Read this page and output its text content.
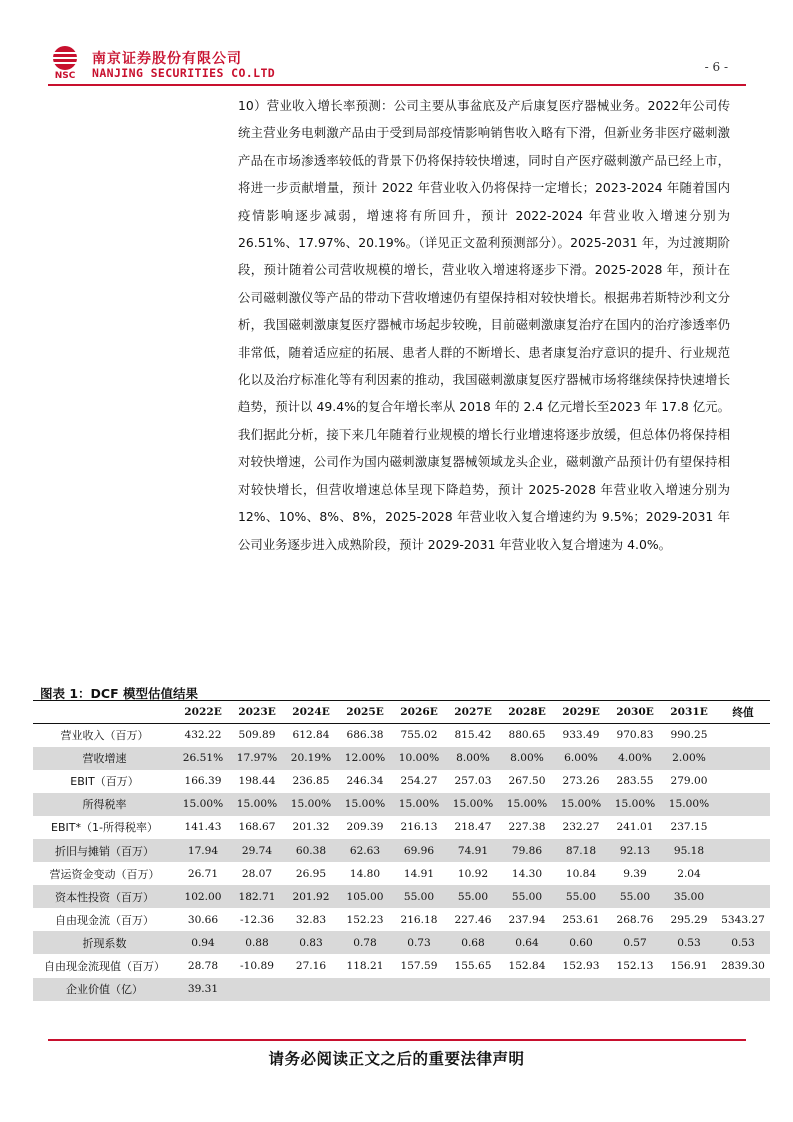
NSC
南京证券股份有限公司
NANJING SECURITIES CO.LTD	- 6 -
10）营业收入增长率预测：公司主要从事盆底及产后康复医疗器械业务。2022年公司传统主营业务电刺激产品由于受到局部疫情影响销售收入略有下滑，但新业务非医疗磁刺激产品在市场渗透率较低的背景下仍将保持较快增速，同时自产医疗磁刺激产品已经上市，将进一步贡献增量，预计 2022 年营业收入仍将保持一定增长；2023-2024 年随着国内疫情影响逐步减弱，增速将有所回升，预计 2022-2024 年营业收入增速分别为 26.51%、17.97%、20.19%。（详见正文盈利预测部分）。2025-2031 年，为过渡期阶段，预计随着公司营收规模的增长，营业收入增速将逐步下滑。2025-2028 年，预计在公司磁刺激仪等产品的带动下营收增速仍有望保持相对较快增长。根据弗若斯特沙利文分析，我国磁刺激康复医疗器械市场起步较晚，目前磁刺激康复治疗在国内的治疗渗透率仍非常低，随着适应症的拓展、患者人群的不断增长、患者康复治疗意识的提升、行业规范化以及治疗标准化等有利因素的推动，我国磁刺激康复医疗器械市场将继续保持快速增长趋势，预计以 49.4%的复合年增长率从 2018 年的 2.4 亿元增长至2023 年 17.8 亿元。我们据此分析，接下来几年随着行业规模的增长行业增速将逐步放缓，但总体仍将保持相对较快增速，公司作为国内磁刺激康复器械领域龙头企业，磁刺激产品预计仍有望保持相对较快增长，但营收增速总体呈现下降趋势，预计 2025-2028 年营业收入增速分别为 12%、10%、8%、8%，2025-2028 年营业收入复合增速约为 9.5%；2029-2031 年公司业务逐步进入成熟阶段，预计 2029-2031 年营业收入复合增速为 4.0%。
图表 1：DCF 模型估值结果
	2022E	2023E	2024E	2025E	2026E	2027E	2028E	2029E	2030E	2031E	终值
营业收入（百万）	432.22	509.89	612.84	686.38	755.02	815.42	880.65	933.49	970.83	990.25	
营收增速	26.51%	17.97%	20.19%	12.00%	10.00%	8.00%	8.00%	6.00%	4.00%	2.00%	
EBIT（百万）	166.39	198.44	236.85	246.34	254.27	257.03	267.50	273.26	283.55	279.00	
所得税率	15.00%	15.00%	15.00%	15.00%	15.00%	15.00%	15.00%	15.00%	15.00%	15.00%	
EBIT*（1-所得税率）	141.43	168.67	201.32	209.39	216.13	218.47	227.38	232.27	241.01	237.15	
折旧与摊销（百万）	17.94	29.74	60.38	62.63	69.96	74.91	79.86	87.18	92.13	95.18	
营运资金变动（百万）	26.71	28.07	26.95	14.80	14.91	10.92	14.30	10.84	9.39	2.04	
资本性投资（百万）	102.00	182.71	201.92	105.00	55.00	55.00	55.00	55.00	55.00	35.00	
自由现金流（百万）	30.66	-12.36	32.83	152.23	216.18	227.46	237.94	253.61	268.76	295.29	5343.27
折现系数	0.94	0.88	0.83	0.78	0.73	0.68	0.64	0.60	0.57	0.53	0.53
自由现金流现值（百万）	28.78	-10.89	27.16	118.21	157.59	155.65	152.84	152.93	152.13	156.91	2839.30
企业价值（亿）	39.31										
请务必阅读正文之后的重要法律声明
